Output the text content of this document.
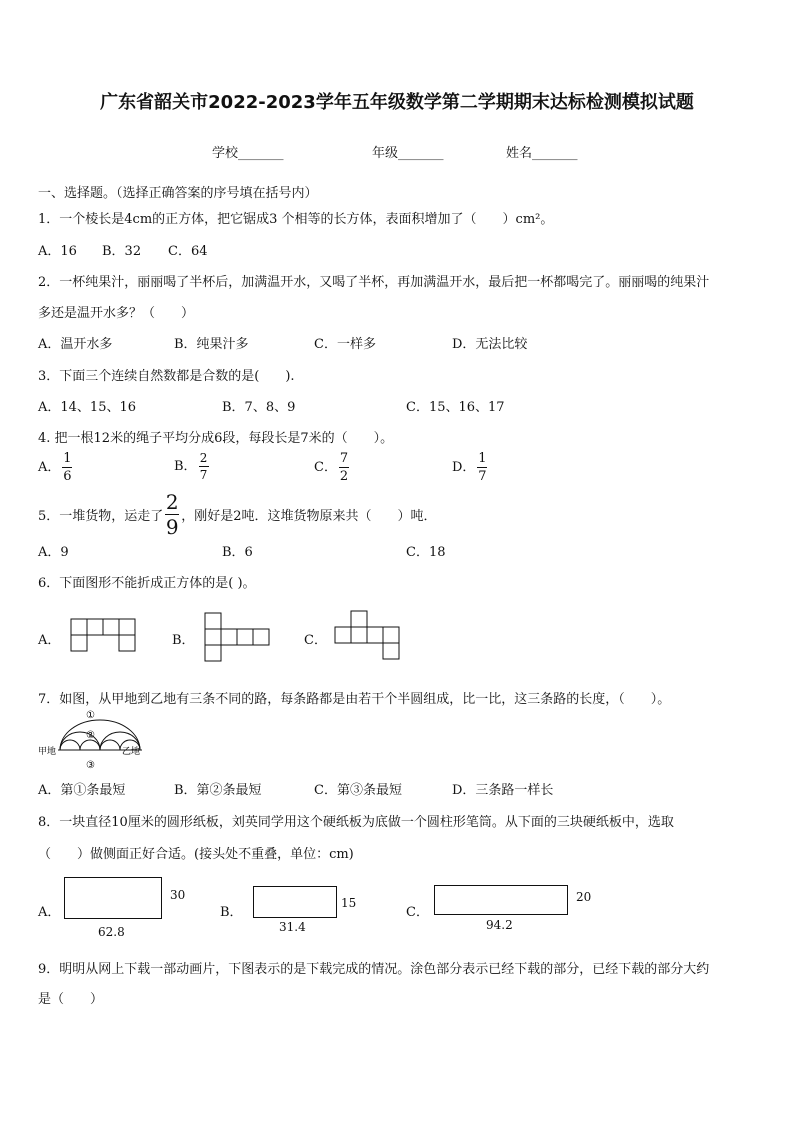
广东省韶关市2022-2023学年五年级数学第二学期期末达标检测模拟试题
学校_______	年级_______	姓名_______
一、选择题。（选择正确答案的序号填在括号内）
1．一个棱长是4cm的正方体，把它锯成3 个相等的长方体，表面积增加了（　　）cm²。
A．16 B．32 C．64
2．一杯纯果汁，丽丽喝了半杯后，加满温开水，又喝了半杯，再加满温开水，最后把一杯都喝完了。丽丽喝的纯果汁
多还是温开水多？（　　）
A．温开水多	B．纯果汁多	C．一样多	D．无法比较
3．下面三个连续自然数都是合数的是(　　).
A．14、15、16	B．7、8、9	C．15、16、17
4. 把一根12米的绳子平均分成6段，每段长是7米的（　　）。
A． $\frac{1}{6}$	B． $\frac{2}{7}$	C． $\frac{7}{2}$	D． $\frac{1}{7}$
5．一堆货物，运走了 $\frac{2}{9}$ ，刚好是2吨．这堆货物原来共（　　）吨．
A．9	B．6	C．18
6．下面图形不能折成正方体的是( )。
A．	B．	C．
7．如图，从甲地到乙地有三条不同的路，每条路都是由若干个半圆组成，比一比，这三条路的长度，（　　）。
甲地	乙地
①
②
③
A．第①条最短	B．第②条最短	C．第③条最短	D．三条路一样长
8．一块直径10厘米的圆形纸板，刘英同学用这个硬纸板为底做一个圆柱形笔筒。从下面的三块硬纸板中，选取
（　　）做侧面正好合适。(接头处不重叠，单位：cm)
A．
30
62.8
B．
15
31.4
C．
20
94.2
9．明明从网上下载一部动画片，下图表示的是下载完成的情况。涂色部分表示已经下载的部分，已经下载的部分大约
是（　　）
